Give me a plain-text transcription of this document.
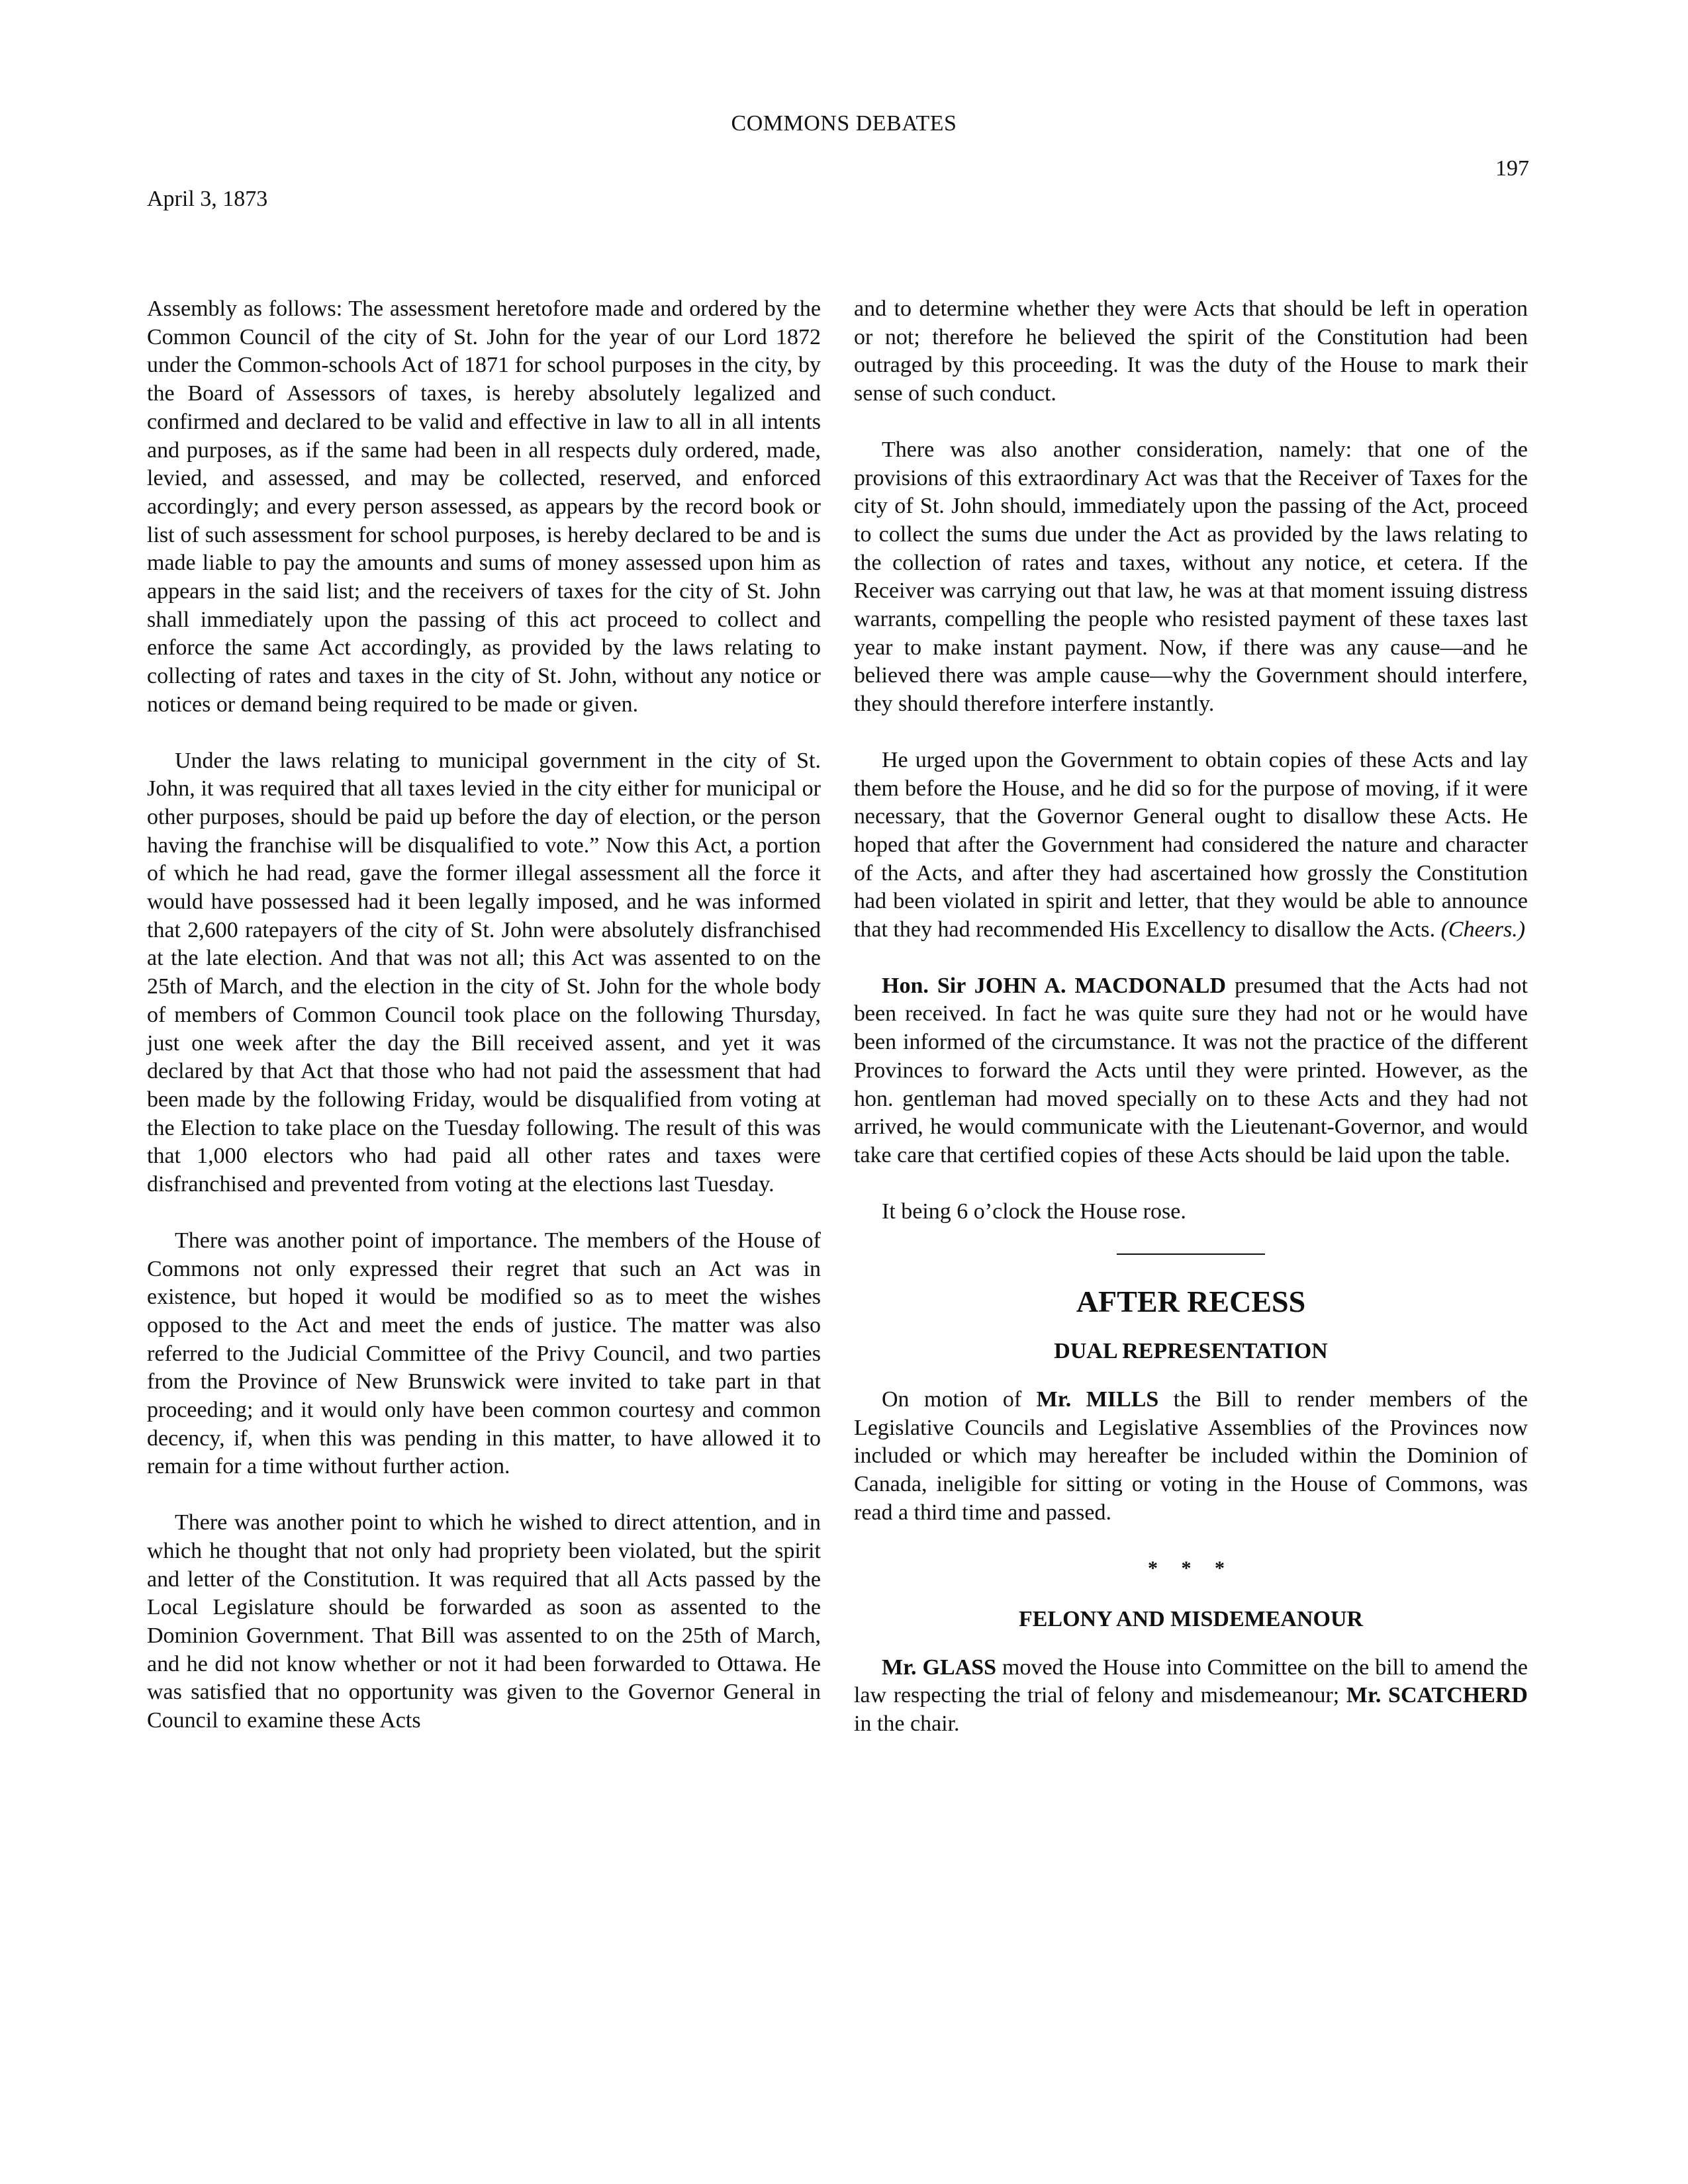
COMMONS DEBATES
197
April 3, 1873

Assembly as follows: The assessment heretofore made and ordered by the Common Council of the city of St. John for the year of our Lord 1872 under the Common-schools Act of 1871 for school purposes in the city, by the Board of Assessors of taxes, is hereby absolutely legalized and confirmed and declared to be valid and effective in law to all in all intents and purposes, as if the same had been in all respects duly ordered, made, levied, and assessed, and may be collected, reserved, and enforced accordingly; and every person assessed, as appears by the record book or list of such assessment for school purposes, is hereby declared to be and is made liable to pay the amounts and sums of money assessed upon him as appears in the said list; and the receivers of taxes for the city of St. John shall immediately upon the passing of this act proceed to collect and enforce the same Act accordingly, as provided by the laws relating to collecting of rates and taxes in the city of St. John, without any notice or notices or demand being required to be made or given.

Under the laws relating to municipal government in the city of St. John, it was required that all taxes levied in the city either for municipal or other purposes, should be paid up before the day of election, or the person having the franchise will be disqualified to vote.” Now this Act, a portion of which he had read, gave the former illegal assessment all the force it would have possessed had it been legally imposed, and he was informed that 2,600 ratepayers of the city of St. John were absolutely disfranchised at the late election. And that was not all; this Act was assented to on the 25th of March, and the election in the city of St. John for the whole body of members of Common Council took place on the following Thursday, just one week after the day the Bill received assent, and yet it was declared by that Act that those who had not paid the assessment that had been made by the following Friday, would be disqualified from voting at the Election to take place on the Tuesday following. The result of this was that 1,000 electors who had paid all other rates and taxes were disfranchised and prevented from voting at the elections last Tuesday.

There was another point of importance. The members of the House of Commons not only expressed their regret that such an Act was in existence, but hoped it would be modified so as to meet the wishes opposed to the Act and meet the ends of justice. The matter was also referred to the Judicial Committee of the Privy Council, and two parties from the Province of New Brunswick were invited to take part in that proceeding; and it would only have been common courtesy and common decency, if, when this was pending in this matter, to have allowed it to remain for a time without further action.

There was another point to which he wished to direct attention, and in which he thought that not only had propriety been violated, but the spirit and letter of the Constitution. It was required that all Acts passed by the Local Legislature should be forwarded as soon as assented to the Dominion Government. That Bill was assented to on the 25th of March, and he did not know whether or not it had been forwarded to Ottawa. He was satisfied that no opportunity was given to the Governor General in Council to examine these Acts

and to determine whether they were Acts that should be left in operation or not; therefore he believed the spirit of the Constitution had been outraged by this proceeding. It was the duty of the House to mark their sense of such conduct.

There was also another consideration, namely: that one of the provisions of this extraordinary Act was that the Receiver of Taxes for the city of St. John should, immediately upon the passing of the Act, proceed to collect the sums due under the Act as provided by the laws relating to the collection of rates and taxes, without any notice, et cetera. If the Receiver was carrying out that law, he was at that moment issuing distress warrants, compelling the people who resisted payment of these taxes last year to make instant payment. Now, if there was any cause—and he believed there was ample cause—why the Government should interfere, they should therefore interfere instantly.

He urged upon the Government to obtain copies of these Acts and lay them before the House, and he did so for the purpose of moving, if it were necessary, that the Governor General ought to disallow these Acts. He hoped that after the Government had considered the nature and character of the Acts, and after they had ascertained how grossly the Constitution had been violated in spirit and letter, that they would be able to announce that they had recommended His Excellency to disallow the Acts. (Cheers.)

Hon. Sir JOHN A. MACDONALD presumed that the Acts had not been received. In fact he was quite sure they had not or he would have been informed of the circumstance. It was not the practice of the different Provinces to forward the Acts until they were printed. However, as the hon. gentleman had moved specially on to these Acts and they had not arrived, he would communicate with the Lieutenant-Governor, and would take care that certified copies of these Acts should be laid upon the table.

It being 6 o’clock the House rose.

AFTER RECESS
DUAL REPRESENTATION

On motion of Mr. MILLS the Bill to render members of the Legislative Councils and Legislative Assemblies of the Provinces now included or which may hereafter be included within the Dominion of Canada, ineligible for sitting or voting in the House of Commons, was read a third time and passed.

* * *
FELONY AND MISDEMEANOUR

Mr. GLASS moved the House into Committee on the bill to amend the law respecting the trial of felony and misdemeanour; Mr. SCATCHERD in the chair.
